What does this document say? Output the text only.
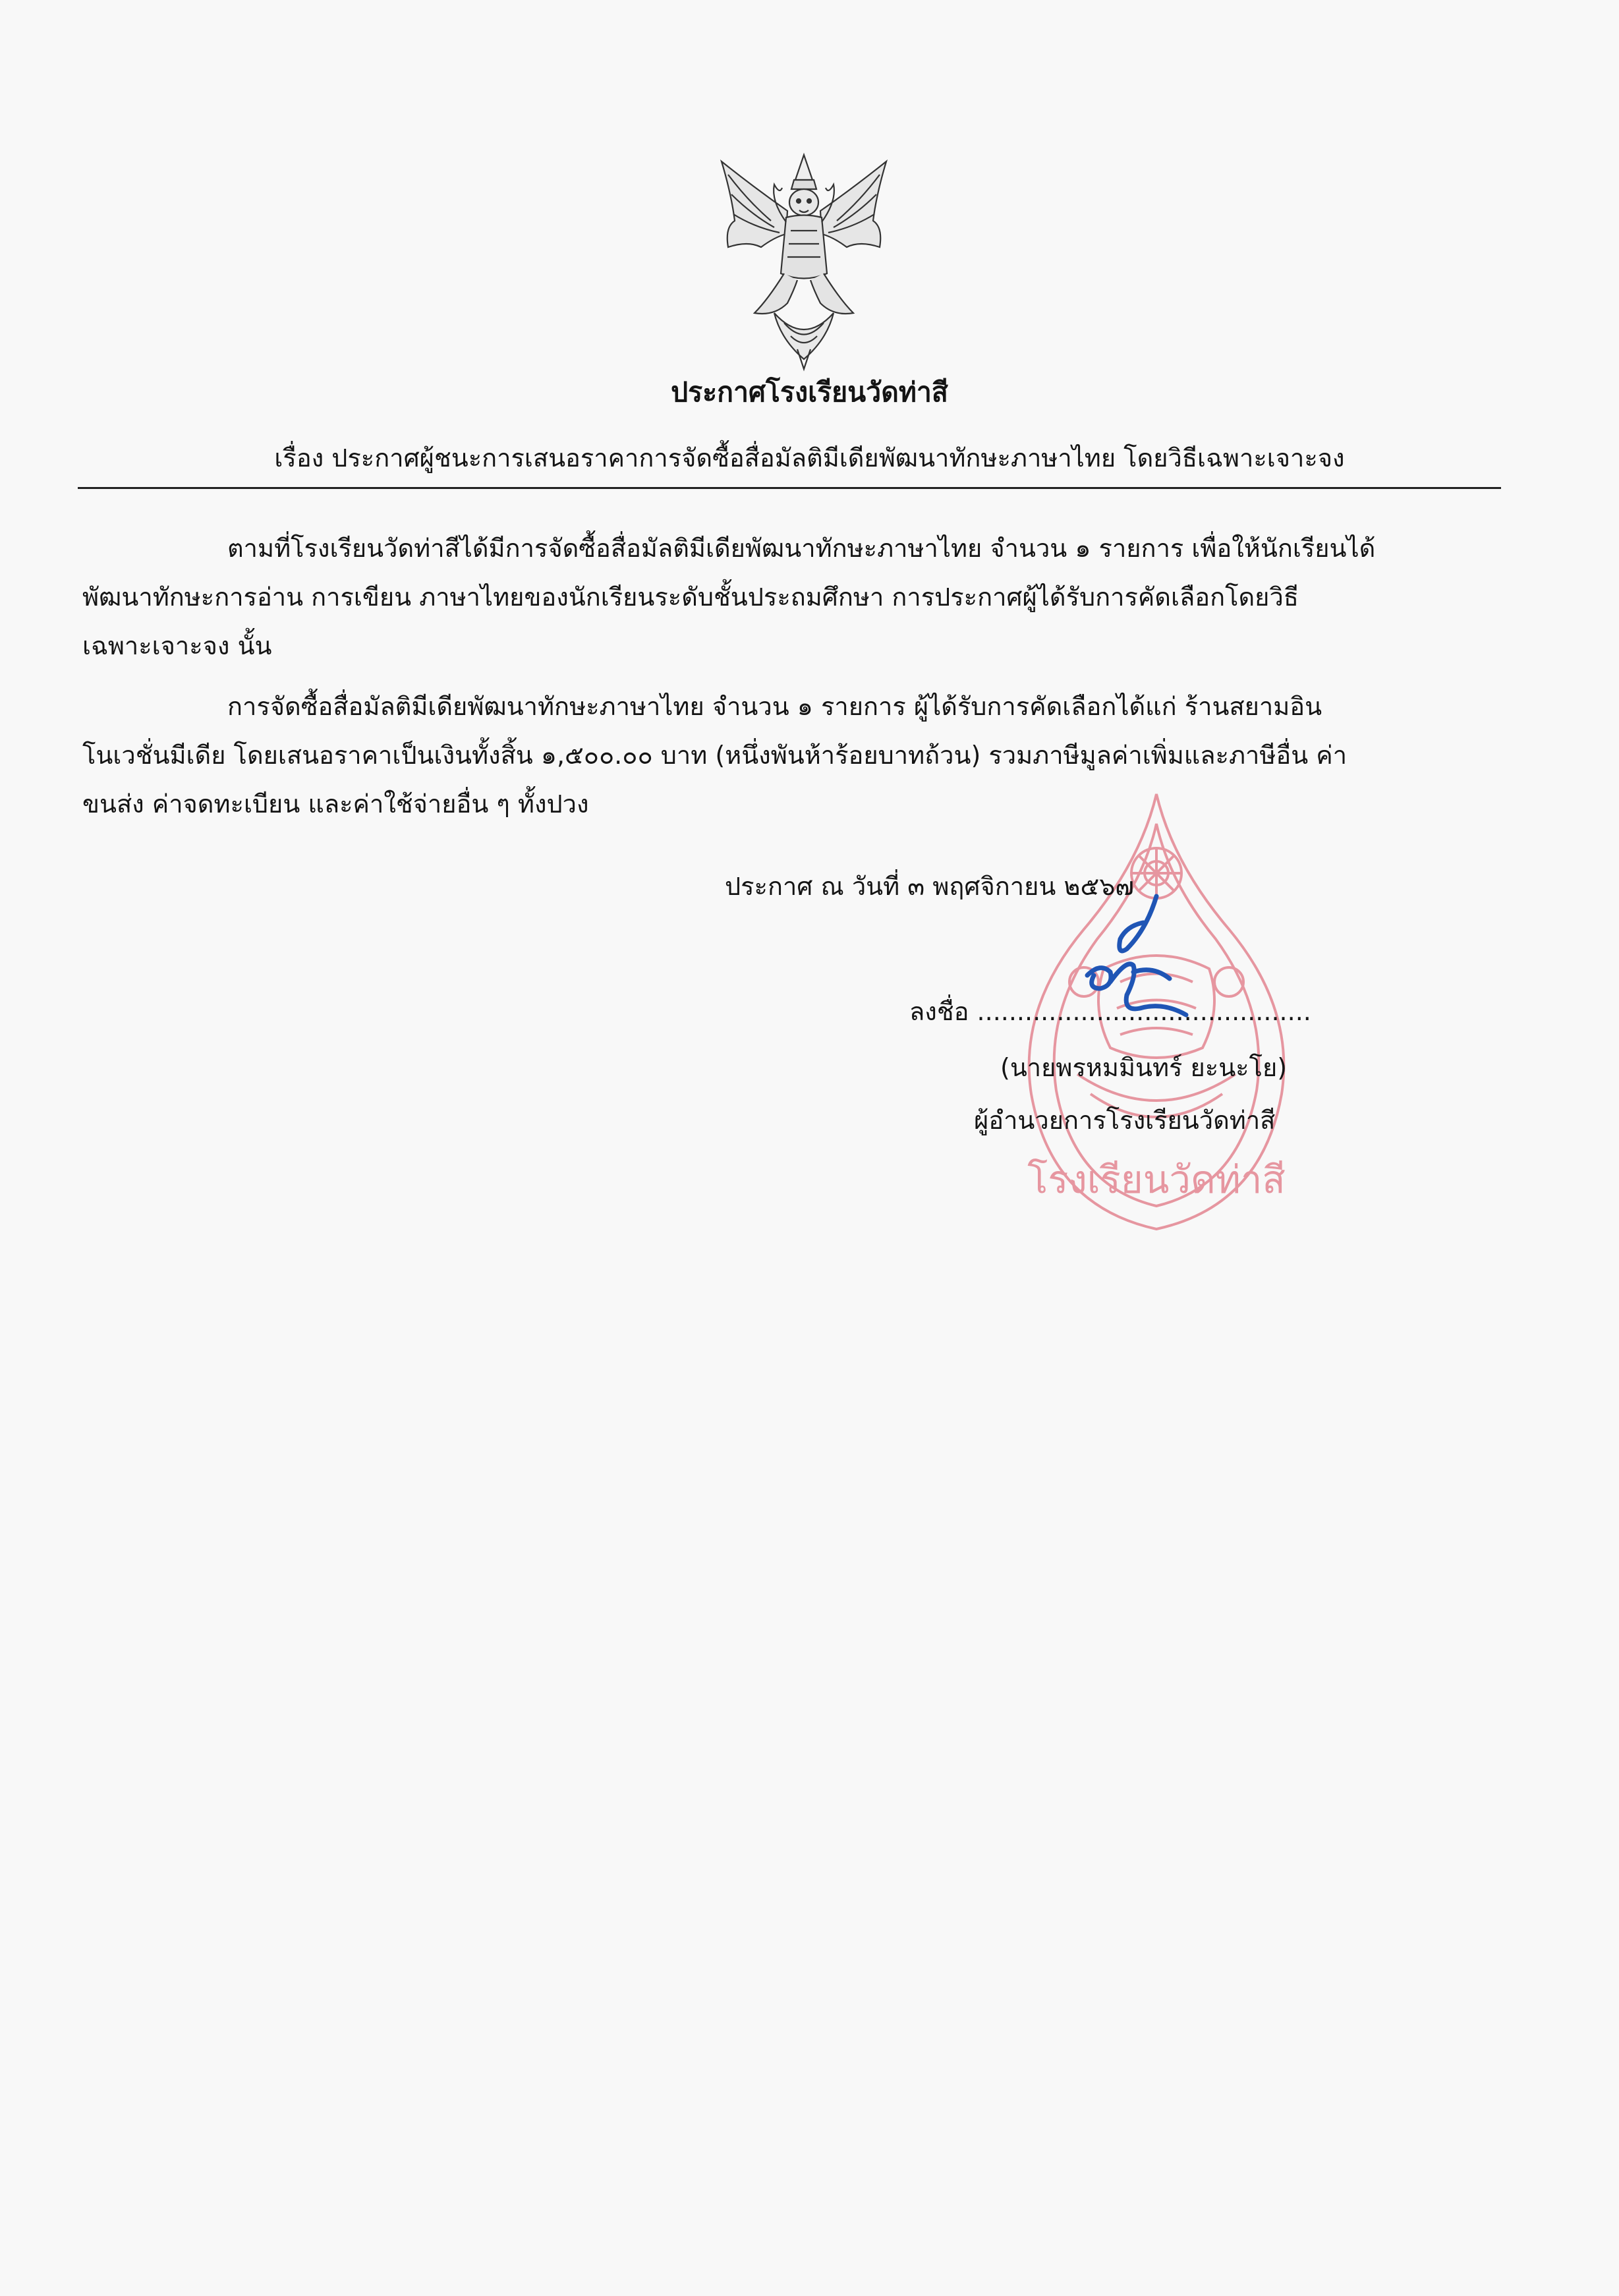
ประกาศโรงเรียนวัดท่าสี
เรื่อง ประกาศผู้ชนะการเสนอราคาการจัดซื้อสื่อมัลติมีเดียพัฒนาทักษะภาษาไทย โดยวิธีเฉพาะเจาะจง
ตามที่โรงเรียนวัดท่าสีได้มีการจัดซื้อสื่อมัลติมีเดียพัฒนาทักษะภาษาไทย จำนวน ๑ รายการ เพื่อให้นักเรียนได้
พัฒนาทักษะการอ่าน การเขียน ภาษาไทยของนักเรียนระดับชั้นประถมศึกษา การประกาศผู้ได้รับการคัดเลือกโดยวิธี
เฉพาะเจาะจง นั้น
การจัดซื้อสื่อมัลติมีเดียพัฒนาทักษะภาษาไทย จำนวน ๑ รายการ ผู้ได้รับการคัดเลือกได้แก่ ร้านสยามอิน
โนเวชั่นมีเดีย โดยเสนอราคาเป็นเงินทั้งสิ้น ๑,๕๐๐.๐๐ บาท (หนึ่งพันห้าร้อยบาทถ้วน) รวมภาษีมูลค่าเพิ่มและภาษีอื่น ค่า
ขนส่ง ค่าจดทะเบียน และค่าใช้จ่ายอื่น ๆ ทั้งปวง
โรงเรียนวัดท่าสี
ประกาศ ณ วันที่ ๓ พฤศจิกายน ๒๕๖๗
ลงชื่อ ..........................................
(นายพรหมมินทร์ ยะนะโย)
ผู้อำนวยการโรงเรียนวัดท่าสี
